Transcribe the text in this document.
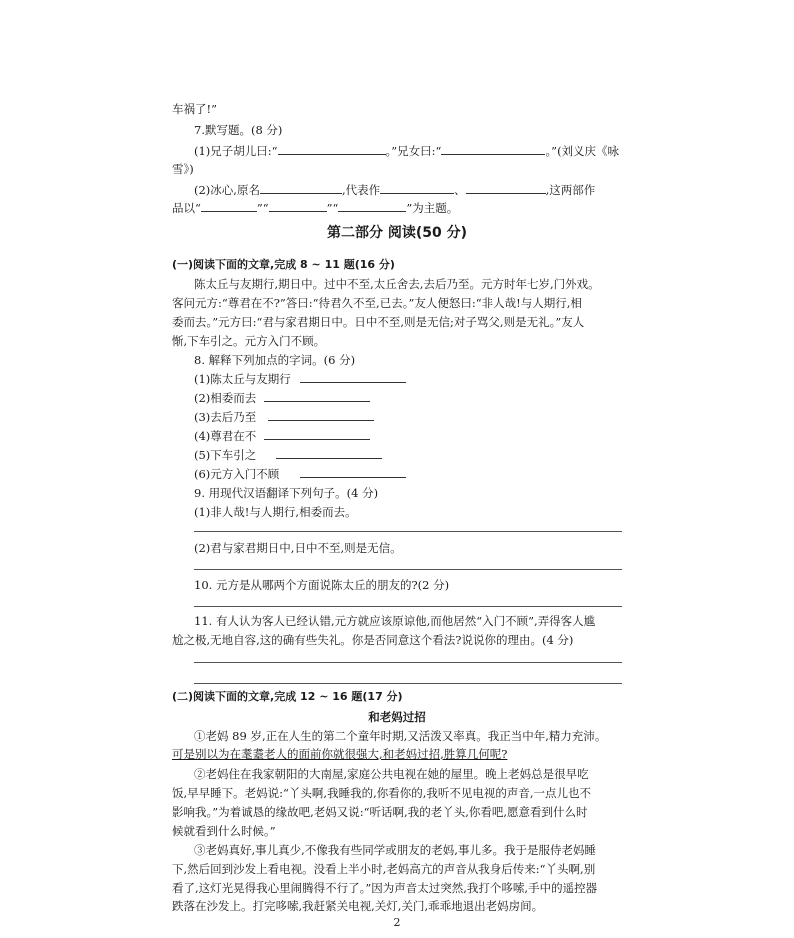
车祸了!”
7.默写题。(8 分)
(1)兄子胡儿曰:“	。”兄女曰:“	。”(刘义庆《咏
雪》)
(2)冰心,原名	,代表作	、	,这两部作
品以“	”“	”“	”为主题。
第二部分 阅读(50 分)
(一)阅读下面的文章,完成 8 ~ 11 题(16 分)
陈太丘与友期行,期日中。过中不至,太丘舍去,去后乃至。元方时年七岁,门外戏。
客问元方:“尊君在不?”答曰:“待君久不至,已去。”友人便怒曰:“非人哉!与人期行,相
委而去。”元方曰:“君与家君期日中。日中不至,则是无信;对子骂父,则是无礼。”友人
惭,下车引之。元方入门不顾。
8. 解释下列加点的字词。(6 分)
(1)陈太丘与友期行
(2)相委而去
(3)去后乃至
(4)尊君在不
(5)下车引之
(6)元方入门不顾
9. 用现代汉语翻译下列句子。(4 分)
(1)非人哉!与人期行,相委而去。
(2)君与家君期日中,日中不至,则是无信。
10. 元方是从哪两个方面说陈太丘的朋友的?(2 分)
11. 有人认为客人已经认错,元方就应该原谅他,而他居然“入门不顾”,弄得客人尴
尬之极,无地自容,这的确有些失礼。你是否同意这个看法?说说你的理由。(4 分)
(二)阅读下面的文章,完成 12 ~ 16 题(17 分)
和老妈过招
①老妈 89 岁,正在人生的第二个童年时期,又活泼又率真。我正当中年,精力充沛。
可是别以为在耄耋老人的面前你就很强大,和老妈过招,胜算几何呢?
②老妈住在我家朝阳的大南屋,家庭公共电视在她的屋里。晚上老妈总是很早吃
饭,早早睡下。老妈说:“丫头啊,我睡我的,你看你的,我听不见电视的声音,一点儿也不
影响我。”为着诚恳的缘故吧,老妈又说:“听话啊,我的老丫头,你看吧,愿意看到什么时
候就看到什么时候。”
③老妈真好,事儿真少,不像我有些同学或朋友的老妈,事儿多。我于是服侍老妈睡
下,然后回到沙发上看电视。没看上半小时,老妈高亢的声音从我身后传来:“丫头啊,别
看了,这灯光晃得我心里闹腾得不行了。”因为声音太过突然,我打个哆嗦,手中的遥控器
跌落在沙发上。打完哆嗦,我赶紧关电视,关灯,关门,乖乖地退出老妈房间。
2
